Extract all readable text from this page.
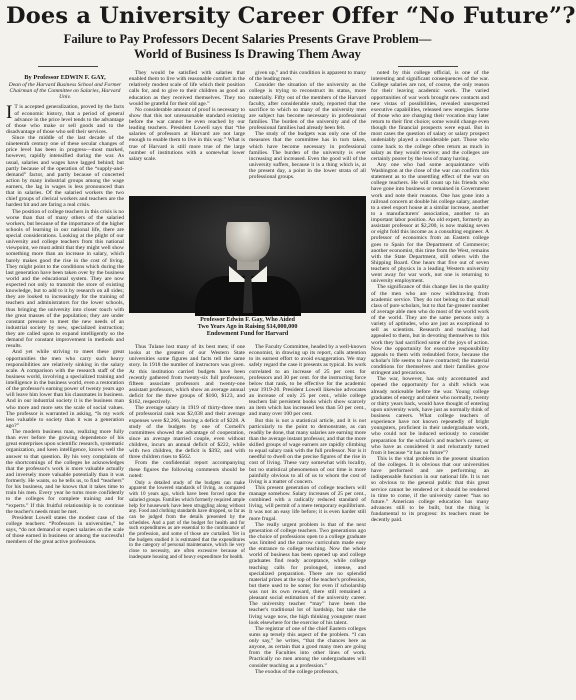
Does a University Career Offer “No Future”?
Failure to Pay Professors Decent Salaries Presents Grave Problem—
World of Business Is Drawing Them Away

By Professor EDWIN F. GAY,

Dean of the Harvard Business School and Former Chairman of the Committee on Salaries, Harvard Univ.

I T is accepted generalization, proved by the facts of economic history, that a period of general advance in the price level tends to the advantage of those who make or sell goods and to the disadvantage of those who sell their services.

Since the middle of the last decade of the nineteenth century one of these secular changes of price level has been in progress—most marked, however, rapidly intensified during the war. As usual, salaries and wages have lagged behind; but partly because of the operation of the “supply-and-demand” factor, and partly because of concerted action by many industrial groups among the wage earners, the lag in wages is less pronounced than that in salaries. Of the salaried workers the two chief groups of clerical workers and teachers are the hardest hit and are faring a real crisis.

The position of college teachers in this crisis is no worse than that of many others of the salaried workers, but because of the importance of the higher schools of learning in our national life, there are special considerations. Looking at the plight of our university and college teachers from this national viewpoint, we must admit that they might well show something more than an increase in salary, which barely makes good the rise in the cost of living. They might point to the conditions which during the last generation have been taken over by the business world and the educational system. They are now expected not only to transmit the store of existing knowledge, but to add to it by research on all sides; they are looked to increasingly for the training of teachers and administrators for the lower schools, thus bringing the university into closer touch with the great masses of the population; they are under constant pressure to meet the new needs of an industrial society by new, specialized instruction; they are called upon to expand intelligently so the demand for constant improvement in methods and results.

And yet while striving to meet these great opportunities the men who carry such heavy responsibilities are relatively sinking in the salary scale. A comparison with the research staff of the business world, involving a specialized training and intelligence in the business world, even a restoration of the professor's earning power of twenty years ago will leave him lower than his classmates in business. And in our industrial society it is the business man who more and more sets the scale of social values. The professor is warranted in asking, “Is my work less valuable to society than it was a generation ago?”

The modern business man, realizing more fully than ever before the growing dependence of his great enterprises upon scientific research, systematic organization, and keen intelligence, knows well the answer to that question. By his very complaints of the shortcomings of the colleges he acknowledges that the professor's work is more valuable actually and inversely more valuable potentially than it was formerly. He wants, so he tells us, to find “teachers” for his business, and he knows that it takes time to train his men. Every year he turns more confidently to the colleges for complete training and for “experts.” If this fruitful relationship is to continue the teacher's needs must be met.

President Lowell states the modest case of the college teachers: “Professors in universities,” he says, “do not demand or expect salaries on the scale of those earned in business or among the successful members of the great active professions.

They would be satisfied with salaries that enabled them to live with reasonable comfort in the relatively modest scale of life which their position calls for, and to give to their children as good an education as they received themselves. They too would be grateful for their old age.”

No considerable amount of proof is necessary to show that this not unreasonable standard existing before the war cannot be even reached by our leading teachers. President Lowell says that “the salaries of professors at Harvard are not large enough to enable them to live in this way.” What is true of Harvard is still more true of the large number of institutions with a somewhat lower salary scale.

given up,” and this condition is apparent to many of the leading men.

Consider the situation of the university as the college is trying to reconstruct its status, more materially. Fifty out of the members of the Harvard faculty, after considerable study, reported that the sacrifice to which so many of the university men are subject has become necessary in professional families. The burden of the university and of the professional families had already been felt.

The study of the budgets was only one of the measures that the committee has in turn taken, which have become necessary in professional families. The burden of the university is ever increasing and increased. Even the good will of the university suffers, because it is a thing which is, at the present day, a point in the lower strata of all professional groups.

Professor Edwin F. Gay, Who Aided
Two Years Ago in Raising $14,000,000
Endowment Fund for Harvard

Thus Tulane lost many of its best men; if one looks at the greatest of our Western State universities some figures and facts tell the same story. In 1918 the number of instructors was given. At this institution carried budgets have been recently gathered from twenty-six full professors, fifteen associate professors and twenty-one assistant professors, which show an average annual deficit for the three groups of $160, $123, and $162, respectively.

The average salary in 1919 of thirty-three men of professorial rank was $2,038 and their average expenses were $2,266, leaving a deficit of $228. A study of the budgets by one of Cornell's committees showed the advantage of cooperation, since an average married couple, even without children, incurs an annual deficit of $222, while with two children, the deficit is $392, and with three children rises to $562.

From the confidential report accompanying these figures the following comments should be noted:

Only a detailed study of the budgets can make apparent the lowered standards of living, as compared with 10 years ago, which have been forced upon the salaried groups. Families which formerly required ample help for housework have been struggling along without any. Food and clothing standards have dropped, so far as can be judged from the details presented by the schedules. And a part of the budget for health and for such expenditures as are essential to the continuance of the profession, and some of those are curtailed. Yet in the budgets studied it is estimated that the expenditures in the category of personal maintenance, which lie very close to necessity, are often excessive because of inadequate housing and of heavy expenditure for health.

The Faculty Committee, headed by a well-known economist, in drawing up its report, calls attention to its earnest effort to avoid exaggeration. We may safely regard the case it presents as typical. Its work correlated to an increase of 25 per cent. for professors and 30 per cent. for the instructing force below that rank, to be effective for the academic year 1919-20. President Lowell likewise advocates an increase of only 25 per cent., while college teachers fair persistent books which show scarcely an item which has increased less than 50 per cent., and many over 100 per cent.

But this is not a statistical article, and it is not particularly to the point to demonstrate, as can readily be done, that many salaries are earning more than the average instant professor, and that the more skilled groups of wage earners are rapidly climbing to equal salary rank with the full professor. Nor is it needful to dwell on the precise figures of the rise in cost of living. These vary somewhat with locality, but no statistical phenomenon of our time is more painfully obvious to all of us to whom the cost of living is a matter of concern.

This present generation of college teachers will manage somehow. Salary increases of 25 per cent., combined with a radically reduced standard of living, will permit of a mere temporary equilibrium. It was not an easy life before; it is even harder still more frugal.

The really urgent problem is that of the next generation of college teachers. Two generations ago the choice of professions open to a college graduate was limited and the narrow curriculum made easy the entrance to college teaching. Now the whole world of business has been opened up and college graduates find ready acceptance, while college teaching calls for prolonged, intense, and specialized preparation. There are no splendid material prizes at the top of the teacher's profession, but there used to be some; for even if scholarship was not its own reward, there still remained a pleasant social estimation of the university career. The university teacher “may” have been the teacher's traditional lot of hardship, but take the living wage now, the high thinking youngster must look elsewhere for the exercise of his talent.

The registrar of one of the chief Eastern colleges sums up tersely this aspect of the problem. “I can only say,” he writes, “that the chances here as anyone, as certain that a good many men are going from the Faculties into other lines of work. Practically no men among the undergraduates will consider teaching as a profession.”

The exodus of the college professors,

noted by this college official, is one of the interesting and significant consequences of the war. College salaries are not, of course, the only reason for their leaving academic work. The varied opportunities of war work brought new contacts and new vistas of possibilities, revealed unexpected executive capabilities, released new energies. Some of those who are changing their vocation may later return to their first choice; some would change even though the financial prospects were equal. But in most cases the question of salary or salary prospect undeniably played a considerable part. Those who come back to the college often return as much in salary as they would receive; and the colleges are certainly poorer by the loss of many having.

Any one who had some acquaintance with Washington at the close of the war can confirm this statement as to the unsettling effect of the war on college teachers. He will count up his friends who have gone into business or remained in Government work and note their reasons. One has gone into a railroad concern at double his college salary, another to a steel export house at a similar increase, another to a manufacturers' association, another to an important labor position. An old expert, formerly an assistant professor at $2,200, is now making seven or eight fold this income as a consulting engineer. A professor of economics from an Eastern college goes to Spain for the Department of Commerce; another economist, this time from the West, remains with the State Department, still others with the Shipping Board. One hears that five out of seven teachers of physics in a leading Western university went away for war work, not one is returning to university employment.

The significance of this change lies in the quality of the men who are now withdrawing from academic service. They do not belong to that small class of pure scholars, but to that far-greater number of average able men who do most of the world work of the world. They are the same persons only a variety of aptitudes, who are just as exceptional to sell as scientists. Research and teaching had appealed to them, but in devoting themselves to this work they had sacrificed some of the joys of action. Now the opportunity for executive responsibility appeals to them with redoubled force, because the scholar's life seems to have contracted; the material conditions for themselves and their families grow stringent and precarious.

The war, however, has only accentuated and opened the opportunity for a shift which was already noticeable before the war. Young college graduates of energy and talent who normally, twenty or thirty years back, would have thought of entering upon university work, have just as normally think of business careers. What college teachers of experience have not known repeatedly of bright youngsters, proficient in their undergraduate work, who could not be induced seriously to consider preparation for the scholar's and teacher's career, or who have as considered it and reluctantly turned from it because “it has no future”?

This is the vital problem in the present situation of the colleges. It is obvious that our universities have performed and are performing an indispensable function in our national life. It is not so obvious to the general public that this great service cannot be rendered or it should be rendered in time to come, if the university career “has no future.” American college education has many advances still to be built, but the thing is fundamental to its progress: its teachers must be decently paid.
